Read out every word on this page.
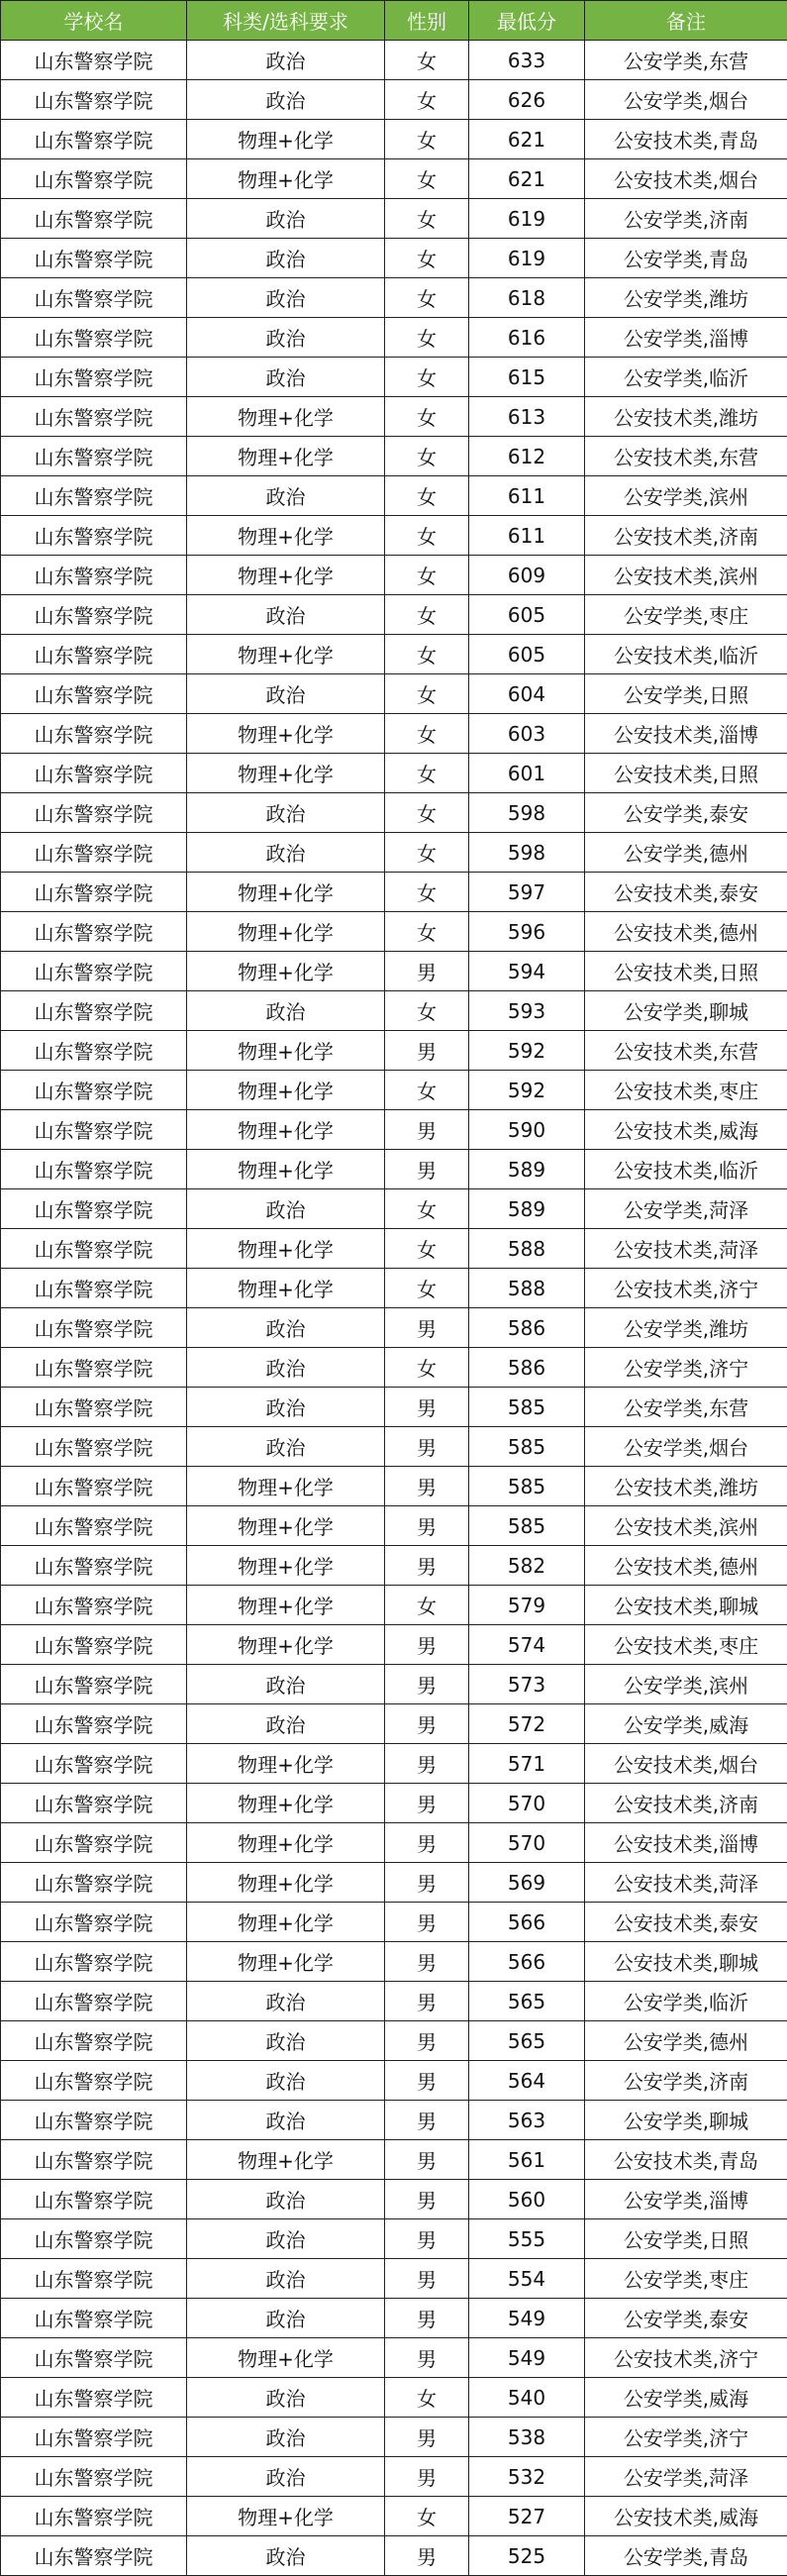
学校名	科类/选科要求	性别	最低分	备注
山东警察学院	政治	女	633	公安学类,东营
山东警察学院	政治	女	626	公安学类,烟台
山东警察学院	物理+化学	女	621	公安技术类,青岛
山东警察学院	物理+化学	女	621	公安技术类,烟台
山东警察学院	政治	女	619	公安学类,济南
山东警察学院	政治	女	619	公安学类,青岛
山东警察学院	政治	女	618	公安学类,潍坊
山东警察学院	政治	女	616	公安学类,淄博
山东警察学院	政治	女	615	公安学类,临沂
山东警察学院	物理+化学	女	613	公安技术类,潍坊
山东警察学院	物理+化学	女	612	公安技术类,东营
山东警察学院	政治	女	611	公安学类,滨州
山东警察学院	物理+化学	女	611	公安技术类,济南
山东警察学院	物理+化学	女	609	公安技术类,滨州
山东警察学院	政治	女	605	公安学类,枣庄
山东警察学院	物理+化学	女	605	公安技术类,临沂
山东警察学院	政治	女	604	公安学类,日照
山东警察学院	物理+化学	女	603	公安技术类,淄博
山东警察学院	物理+化学	女	601	公安技术类,日照
山东警察学院	政治	女	598	公安学类,泰安
山东警察学院	政治	女	598	公安学类,德州
山东警察学院	物理+化学	女	597	公安技术类,泰安
山东警察学院	物理+化学	女	596	公安技术类,德州
山东警察学院	物理+化学	男	594	公安技术类,日照
山东警察学院	政治	女	593	公安学类,聊城
山东警察学院	物理+化学	男	592	公安技术类,东营
山东警察学院	物理+化学	女	592	公安技术类,枣庄
山东警察学院	物理+化学	男	590	公安技术类,威海
山东警察学院	物理+化学	男	589	公安技术类,临沂
山东警察学院	政治	女	589	公安学类,菏泽
山东警察学院	物理+化学	女	588	公安技术类,菏泽
山东警察学院	物理+化学	女	588	公安技术类,济宁
山东警察学院	政治	男	586	公安学类,潍坊
山东警察学院	政治	女	586	公安学类,济宁
山东警察学院	政治	男	585	公安学类,东营
山东警察学院	政治	男	585	公安学类,烟台
山东警察学院	物理+化学	男	585	公安技术类,潍坊
山东警察学院	物理+化学	男	585	公安技术类,滨州
山东警察学院	物理+化学	男	582	公安技术类,德州
山东警察学院	物理+化学	女	579	公安技术类,聊城
山东警察学院	物理+化学	男	574	公安技术类,枣庄
山东警察学院	政治	男	573	公安学类,滨州
山东警察学院	政治	男	572	公安学类,威海
山东警察学院	物理+化学	男	571	公安技术类,烟台
山东警察学院	物理+化学	男	570	公安技术类,济南
山东警察学院	物理+化学	男	570	公安技术类,淄博
山东警察学院	物理+化学	男	569	公安技术类,菏泽
山东警察学院	物理+化学	男	566	公安技术类,泰安
山东警察学院	物理+化学	男	566	公安技术类,聊城
山东警察学院	政治	男	565	公安学类,临沂
山东警察学院	政治	男	565	公安学类,德州
山东警察学院	政治	男	564	公安学类,济南
山东警察学院	政治	男	563	公安学类,聊城
山东警察学院	物理+化学	男	561	公安技术类,青岛
山东警察学院	政治	男	560	公安学类,淄博
山东警察学院	政治	男	555	公安学类,日照
山东警察学院	政治	男	554	公安学类,枣庄
山东警察学院	政治	男	549	公安学类,泰安
山东警察学院	物理+化学	男	549	公安技术类,济宁
山东警察学院	政治	女	540	公安学类,威海
山东警察学院	政治	男	538	公安学类,济宁
山东警察学院	政治	男	532	公安学类,菏泽
山东警察学院	物理+化学	女	527	公安技术类,威海
山东警察学院	政治	男	525	公安学类,青岛
